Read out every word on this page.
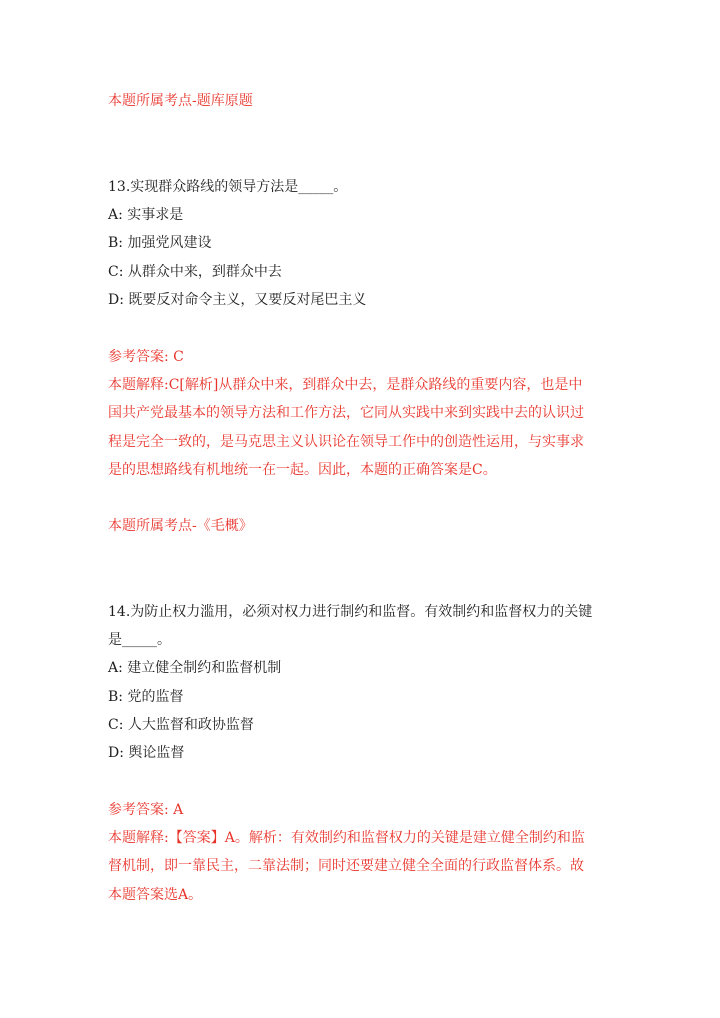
本题所属考点-题库原题
13.实现群众路线的领导方法是_____。
A: 实事求是
B: 加强党风建设
C: 从群众中来，到群众中去
D: 既要反对命令主义，又要反对尾巴主义
参考答案: C
本题解释:C[解析]从群众中来，到群众中去，是群众路线的重要内容，也是中
国共产党最基本的领导方法和工作方法，它同从实践中来到实践中去的认识过
程是完全一致的，是马克思主义认识论在领导工作中的创造性运用，与实事求
是的思想路线有机地统一在一起。因此，本题的正确答案是C。
本题所属考点-《毛概》
14.为防止权力滥用，必须对权力进行制约和监督。有效制约和监督权力的关键
是_____。
A: 建立健全制约和监督机制
B: 党的监督
C: 人大监督和政协监督
D: 舆论监督
参考答案: A
本题解释:【答案】A。解析：有效制约和监督权力的关键是建立健全制约和监
督机制，即一靠民主，二靠法制；同时还要建立健全全面的行政监督体系。故
本题答案选A。
